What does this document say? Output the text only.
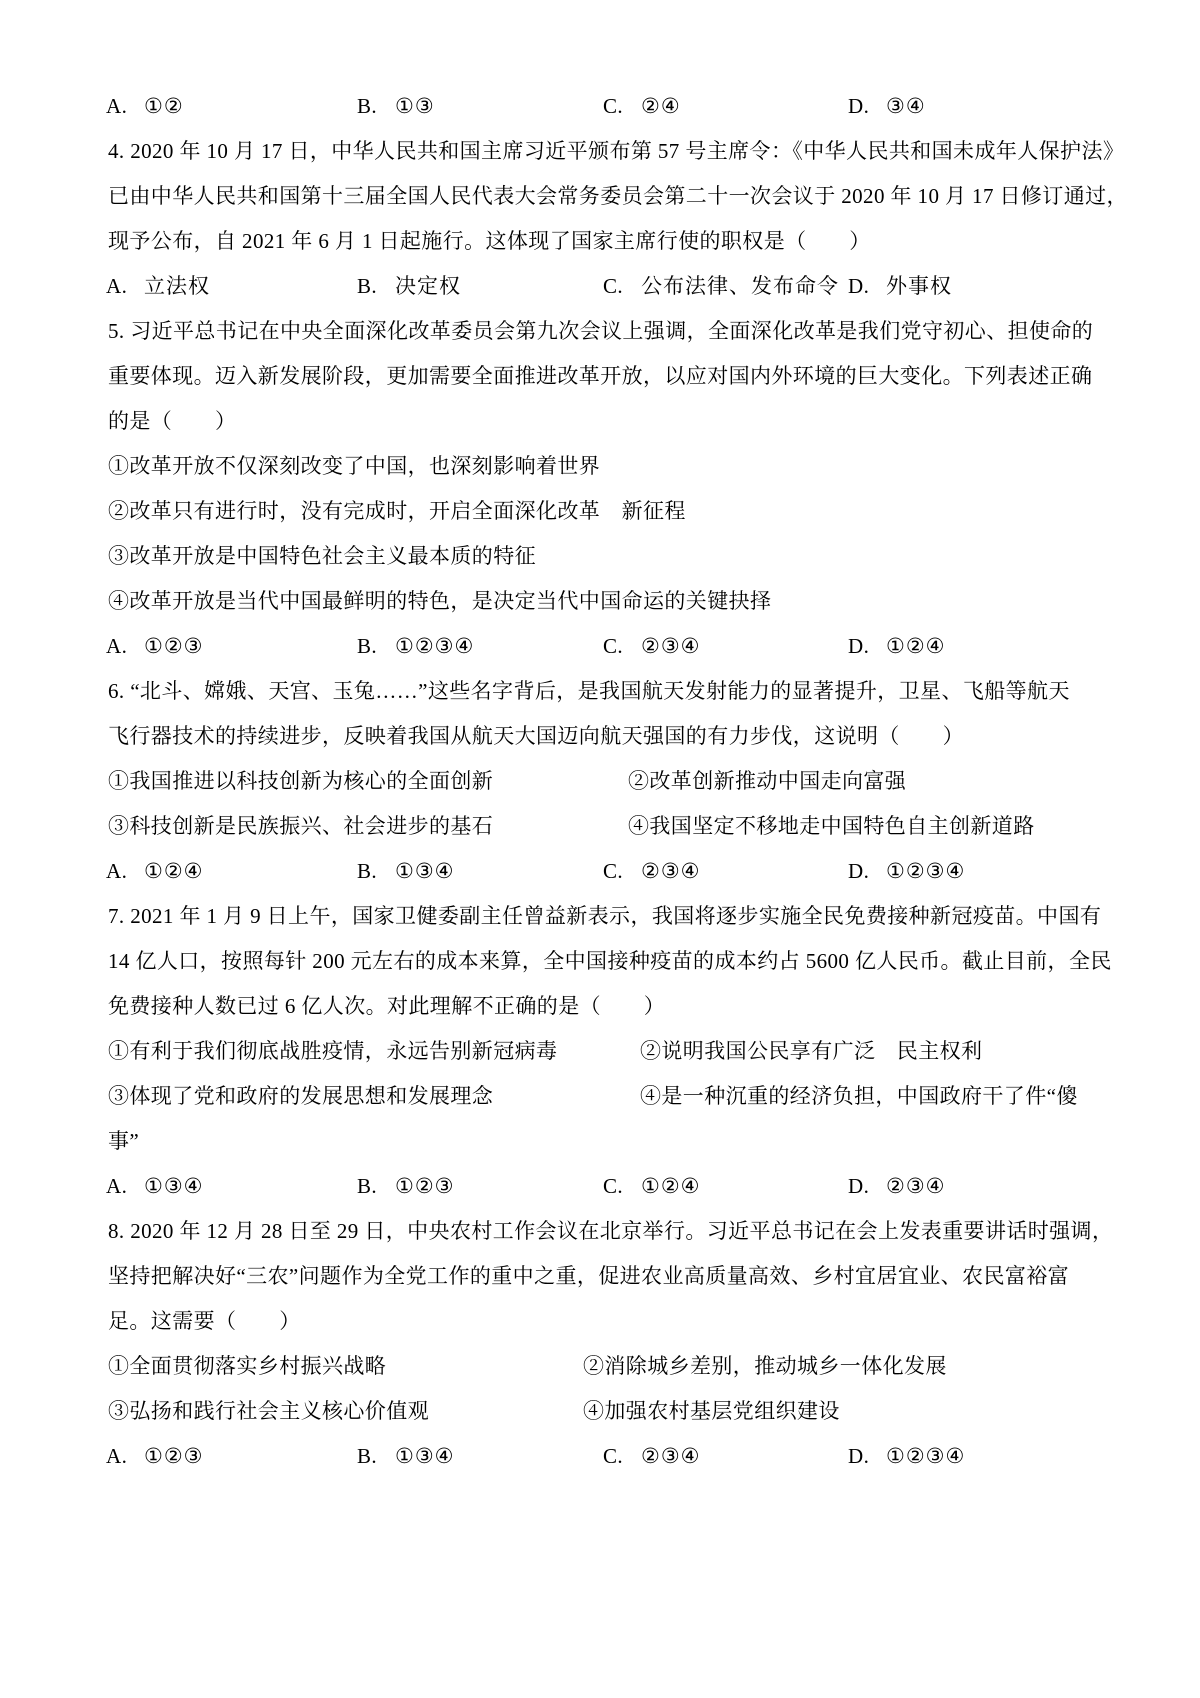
A. ①②	B. ①③	C. ②④	D. ③④
4. 2020 年 10 月 17 日，中华人民共和国主席习近平颁布第 57 号主席令：《中华人民共和国未成年人保护法》
已由中华人民共和国第十三届全国人民代表大会常务委员会第二十一次会议于 2020 年 10 月 17 日修订通过，
现予公布，自 2021 年 6 月 1 日起施行。这体现了国家主席行使的职权是（　　）
A. 立法权	B. 决定权	C. 公布法律、发布命令 D. 外事权
5. 习近平总书记在中央全面深化改革委员会第九次会议上强调，全面深化改革是我们党守初心、担使命的
重要体现。迈入新发展阶段，更加需要全面推进改革开放，以应对国内外环境的巨大变化。下列表述正确
的是（　　）
①改革开放不仅深刻改变了中国，也深刻影响着世界
②改革只有进行时，没有完成时，开启全面深化改革　新征程
③改革开放是中国特色社会主义最本质的特征
④改革开放是当代中国最鲜明的特色，是决定当代中国命运的关键抉择
A. ①②③	B. ①②③④	C. ②③④	D. ①②④
6. “北斗、嫦娥、天宫、玉兔……”这些名字背后，是我国航天发射能力的显著提升，卫星、飞船等航天
飞行器技术的持续进步，反映着我国从航天大国迈向航天强国的有力步伐，这说明（　　）
①我国推进以科技创新为核心的全面创新	②改革创新推动中国走向富强
③科技创新是民族振兴、社会进步的基石	④我国坚定不移地走中国特色自主创新道路
A. ①②④	B. ①③④	C. ②③④	D. ①②③④
7. 2021 年 1 月 9 日上午，国家卫健委副主任曾益新表示，我国将逐步实施全民免费接种新冠疫苗。中国有
14 亿人口，按照每针 200 元左右的成本来算，全中国接种疫苗的成本约占 5600 亿人民币。截止目前，全民
免费接种人数已过 6 亿人次。对此理解不正确的是（　　）
①有利于我们彻底战胜疫情，永远告别新冠病毒	②说明我国公民享有广泛　民主权利
③体现了党和政府的发展思想和发展理念	④是一种沉重的经济负担，中国政府干了件“傻
事”
A. ①③④	B. ①②③	C. ①②④	D. ②③④
8. 2020 年 12 月 28 日至 29 日，中央农村工作会议在北京举行。习近平总书记在会上发表重要讲话时强调，
坚持把解决好“三农”问题作为全党工作的重中之重，促进农业高质量高效、乡村宜居宜业、农民富裕富
足。这需要（　　）
①全面贯彻落实乡村振兴战略	②消除城乡差别，推动城乡一体化发展
③弘扬和践行社会主义核心价值观	④加强农村基层党组织建设
A. ①②③	B. ①③④	C. ②③④	D. ①②③④
